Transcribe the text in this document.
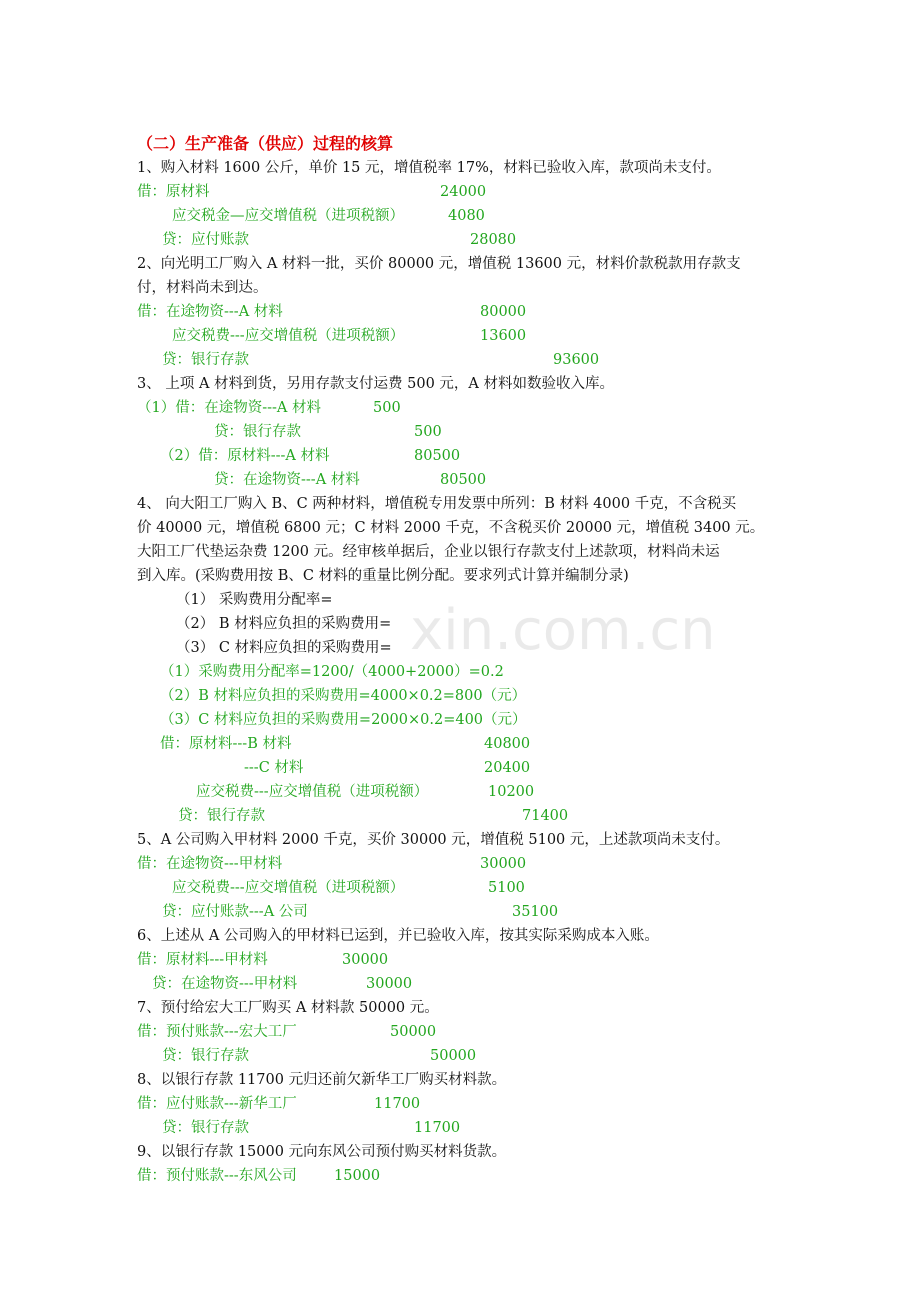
xin.com.cn
（二）生产准备（供应）过程的核算
1、购入材料 1600 公斤，单价 15 元，增值税率 17%，材料已验收入库，款项尚未支付。
借：原材料	24000
应交税金—应交增值税（进项税额）	4080
贷：应付账款	28080
2、向光明工厂购入 A 材料一批，买价 80000 元，增值税 13600 元，材料价款税款用存款支
付，材料尚未到达。
借：在途物资---A 材料	80000
应交税费---应交增值税（进项税额）	13600
贷：银行存款	93600
3、 上项 A 材料到货，另用存款支付运费 500 元，A 材料如数验收入库。
（1）借：在途物资---A 材料	500
贷：银行存款	500
（2）借：原材料---A 材料	80500
贷：在途物资---A 材料	80500
4、 向大阳工厂购入 B、C 两种材料，增值税专用发票中所列：B 材料 4000 千克，不含税买
价 40000 元，增值税 6800 元；C 材料 2000 千克，不含税买价 20000 元，增值税 3400 元。
大阳工厂代垫运杂费 1200 元。经审核单据后，企业以银行存款支付上述款项，材料尚未运
到入库。(采购费用按 B、C 材料的重量比例分配。要求列式计算并编制分录)
（1） 采购费用分配率=
（2） B 材料应负担的采购费用=
（3） C 材料应负担的采购费用=
（1）采购费用分配率=1200/（4000+2000）=0.2
（2）B 材料应负担的采购费用=4000×0.2=800（元）
（3）C 材料应负担的采购费用=2000×0.2=400（元）
借：原材料---B 材料	40800
---C 材料	20400
应交税费---应交增值税（进项税额）	10200
贷：银行存款	71400
5、A 公司购入甲材料 2000 千克，买价 30000 元，增值税 5100 元，上述款项尚未支付。
借：在途物资---甲材料	30000
应交税费---应交增值税（进项税额）	5100
贷：应付账款---A 公司	35100
6、上述从 A 公司购入的甲材料已运到，并已验收入库，按其实际采购成本入账。
借：原材料---甲材料	30000
贷：在途物资---甲材料	30000
7、预付给宏大工厂购买 A 材料款 50000 元。
借：预付账款---宏大工厂	50000
贷：银行存款	50000
8、以银行存款 11700 元归还前欠新华工厂购买材料款。
借：应付账款---新华工厂	11700
贷：银行存款	11700
9、以银行存款 15000 元向东风公司预付购买材料货款。
借：预付账款---东风公司	15000
